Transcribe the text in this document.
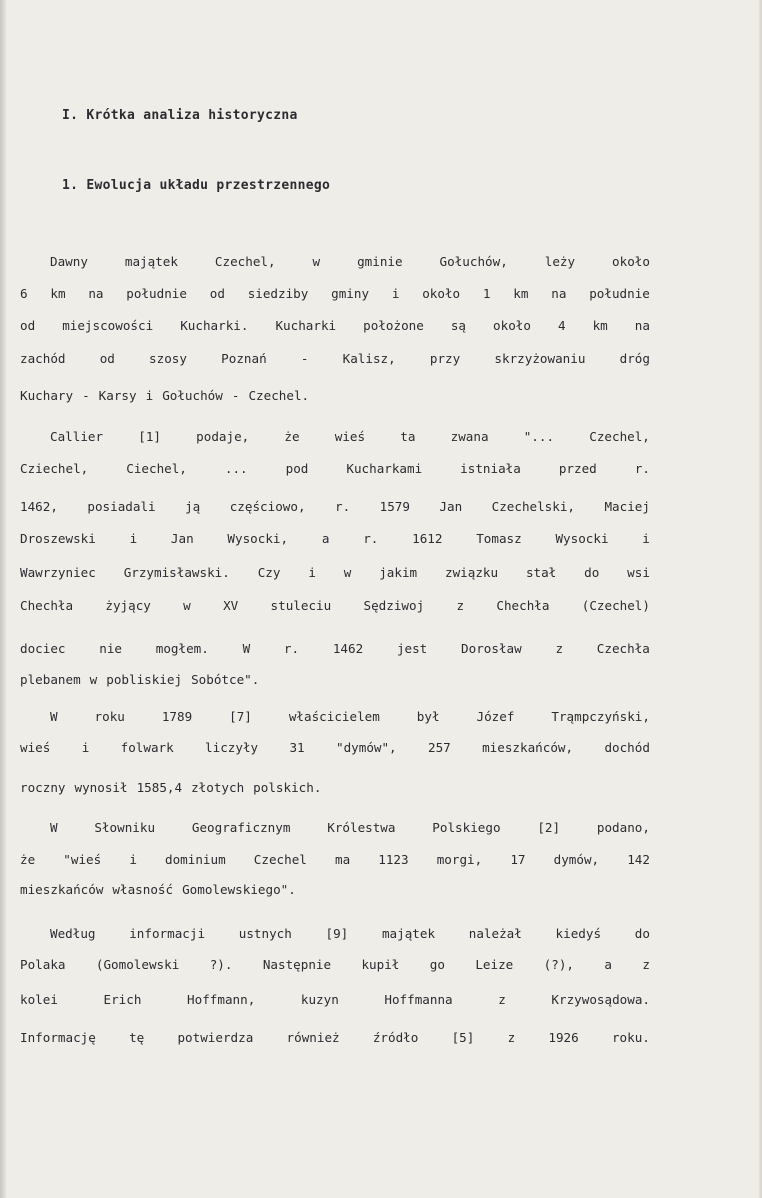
I. Krótka analiza historyczna
1. Ewolucja układu przestrzennego
Dawny	majątek	Czechel,	w	gminie	Gołuchów,	leży	około
6 km na południe od siedziby gminy i około 1 km na południe
od miejscowości Kucharki. Kucharki położone są około 4 km na
zachód	od	szosy	Poznań	-	Kalisz,	przy	skrzyżowaniu	dróg
Kuchary - Karsy i Gołuchów - Czechel.
Callier	[1]	podaje,	że	wieś	ta	zwana	"...	Czechel,
Cziechel,	Ciechel,	...	pod	Kucharkami	istniała	przed	r.
1462, posiadali ją częściowo, r. 1579 Jan Czechelski, Maciej
Droszewski	i	Jan	Wysocki,	a	r.	1612	Tomasz	Wysocki	i
Wawrzyniec Grzymisławski. Czy i w jakim związku stał do wsi
Chechła	żyjący	w	XV	stuleciu	Sędziwoj	z	Chechła	(Czechel)
dociec	nie	mogłem.	W	r.	1462	jest	Dorosław	z	Czechła
plebanem w pobliskiej Sobótce".
W	roku	1789	[7]	właścicielem	był	Józef	Trąmpczyński,
wieś i folwark liczyły 31 "dymów", 257 mieszkańców, dochód
roczny wynosił 1585,4 złotych polskich.
W	Słowniku	Geograficznym	Królestwa	Polskiego	[2]	podano,
że "wieś i dominium Czechel ma 1123 morgi, 17 dymów, 142
mieszkańców własność Gomolewskiego".
Według	informacji	ustnych	[9]	majątek	należał	kiedyś	do
Polaka (Gomolewski ?). Następnie kupił go Leize (?), a z
kolei	Erich	Hoffmann,	kuzyn	Hoffmanna	z	Krzywosądowa.
Informację	tę	potwierdza	również	źródło	[5]	z	1926	roku.
